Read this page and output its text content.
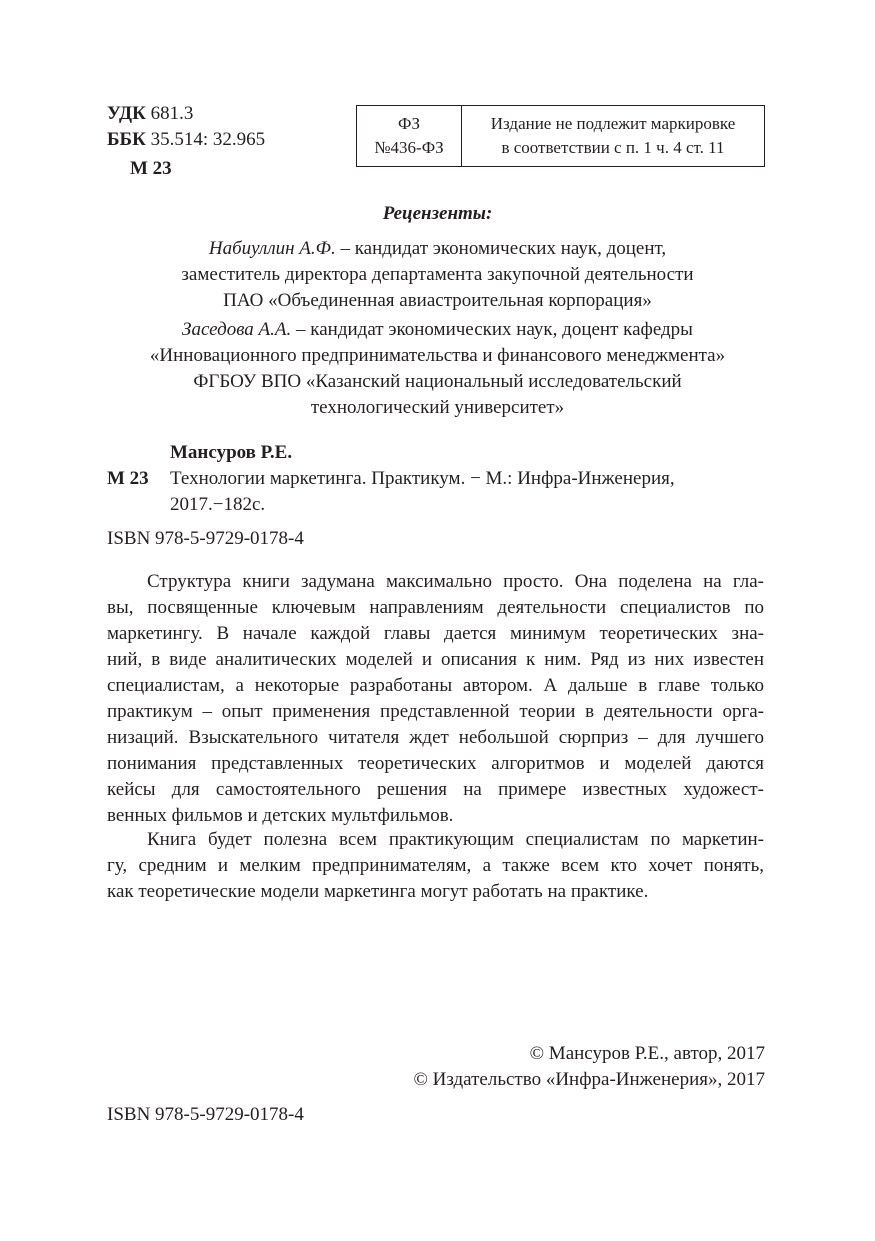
УДК 681.3
ББК 35.514: 32.965
М 23
ФЗ
№436-ФЗ
Издание не подлежит маркировке
в соответствии с п. 1 ч. 4 ст. 11
Рецензенты:
Набиуллин А.Ф. – кандидат экономических наук, доцент,
заместитель директора департамента закупочной деятельности
ПАО «Объединенная авиастроительная корпорация»
Заседова А.А. – кандидат экономических наук, доцент кафедры
«Инновационного предпринимательства и финансового менеджмента»
ФГБОУ ВПО «Казанский национальный исследовательский
технологический университет»
Мансуров Р.Е.
М 23 Технологии маркетинга. Практикум. − М.: Инфра-Инженерия,
2017.−182с.
ISBN 978-5-9729-0178-4
Структура книги задумана максимально просто. Она поделена на гла-
вы, посвященные ключевым направлениям деятельности специалистов по
маркетингу. В начале каждой главы дается минимум теоретических зна-
ний, в виде аналитических моделей и описания к ним. Ряд из них известен
специалистам, а некоторые разработаны автором. А дальше в главе только
практикум – опыт применения представленной теории в деятельности орга-
низаций. Взыскательного читателя ждет небольшой сюрприз – для лучшего
понимания представленных теоретических алгоритмов и моделей даются
кейсы для самостоятельного решения на примере известных художест-
венных фильмов и детских мультфильмов.
Книга будет полезна всем практикующим специалистам по маркетин-
гу, средним и мелким предпринимателям, а также всем кто хочет понять,
как теоретические модели маркетинга могут работать на практике.
© Мансуров Р.Е., автор, 2017
© Издательство «Инфра-Инженерия», 2017
ISBN 978-5-9729-0178-4
